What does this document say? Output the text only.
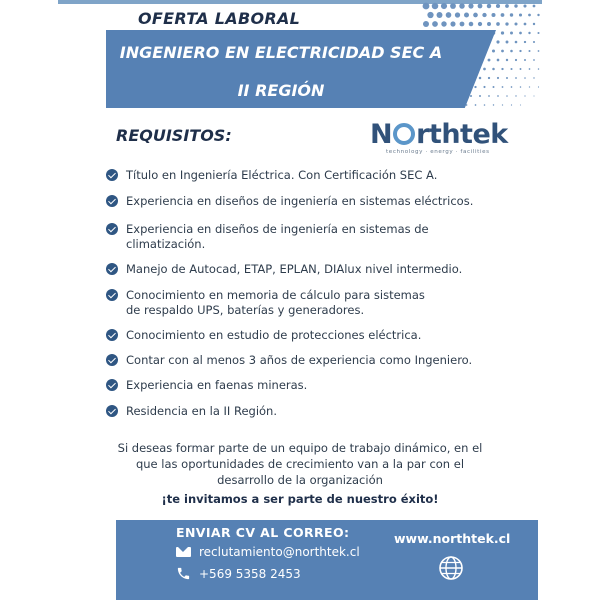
OFERTA LABORAL
INGENIERO EN ELECTRICIDAD SEC A
II REGIÓN
REQUISITOS:	N rthtek
technology · energy · facilities
Título en Ingeniería Eléctrica. Con Certificación SEC A.
Experiencia en diseños de ingeniería en sistemas eléctricos.
Experiencia en diseños de ingeniería en sistemas de
climatización.
Manejo de Autocad, ETAP, EPLAN, DIAlux nivel intermedio.
Conocimiento en memoria de cálculo para sistemas
de respaldo UPS, baterías y generadores.
Conocimiento en estudio de protecciones eléctrica.
Contar con al menos 3 años de experiencia como Ingeniero.
Experiencia en faenas mineras.
Residencia en la II Región.
Si deseas formar parte de un equipo de trabajo dinámico, en el
que las oportunidades de crecimiento van a la par con el
desarrollo de la organización
¡te invitamos a ser parte de nuestro éxito!
ENVIAR CV AL CORREO:
reclutamiento@northtek.cl
+569 5358 2453
www.northtek.cl
